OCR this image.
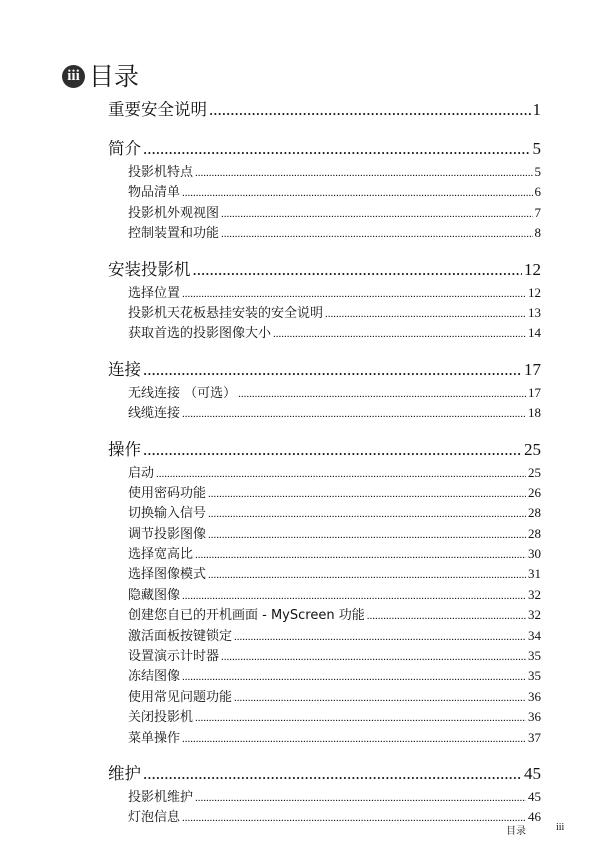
iii 目录
重要安全说明 .....	1
简介 .....	5
投影机特点 .....	5
物品清单 .....	6
投影机外观视图 .....	7
控制装置和功能 .....	8
安装投影机 .....	12
选择位置 .....	12
投影机天花板悬挂安装的安全说明 .....	13
获取首选的投影图像大小 .....	14
连接 .....	17
无线连接 （可选） .....	17
线缆连接 .....	18
操作 .....	25
启动 .....	25
使用密码功能 .....	26
切换输入信号 .....	28
调节投影图像 .....	28
选择宽高比 .....	30
选择图像模式 .....	31
隐藏图像 .....	32
创建您自已的开机画面 - MyScreen 功能 .....	32
激活面板按键锁定 .....	34
设置演示计时器 .....	35
冻结图像 .....	35
使用常见问题功能 .....	36
关闭投影机 .....	36
菜单操作 .....	37
维护 .....	45
投影机维护 .....	45
灯泡信息 .....	46
目录	iii
